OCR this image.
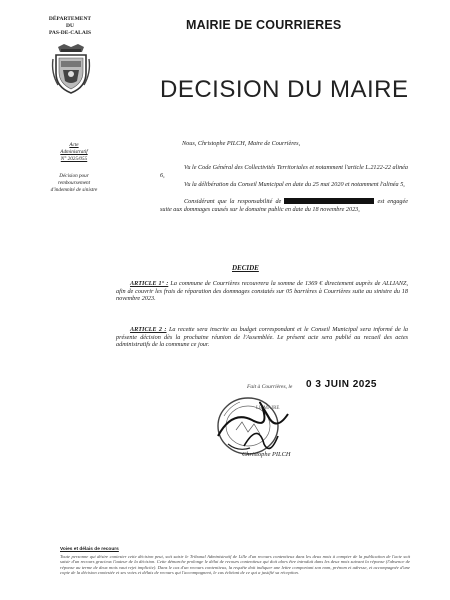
DÉPARTEMENT
DU
PAS-DE-CALAIS
MAIRIE DE COURRIERES
DECISION DU MAIRE
Acte
Administratif
N° 2025/055
Décision pour
remboursement
d'indemnité de sinistre
Nous, Christophe PILCH, Maire de Courrières,
Vu le Code Général des Collectivités Territoriales et notamment l'article L.2122-22 alinéa 6,
Vu la délibération du Conseil Municipal en date du 25 mai 2020 et notamment l'alinéa 5,
Considérant que la responsabilité de	est engagée suite aux dommages causés sur le domaine public en date du 18 novembre 2023,
DECIDE
ARTICLE 1° : La commune de Courrières recouvrera la somme de 1369 € directement auprès de ALLIANZ, afin de couvrir les frais de réparation des dommages constatés sur 05 barrières à Courrières suite au sinistre du 18 novembre 2023.
ARTICLE 2 : La recette sera inscrite au budget correspondant et le Conseil Municipal sera informé de la présente décision dès la prochaine réunion de l'Assemblée. Le présent acte sera publié au recueil des actes administratifs de la commune ce jour.
Fait à Courrières, le 0 3 JUIN 2025
LE MAIRE
Christophe PILCH
Voies et délais de recours
Toute personne qui désire contester cette décision peut, soit saisir le Tribunal Administratif de Lille d'un recours contentieux dans les deux mois à compter de la publication de l'acte soit saisir d'un recours gracieux l'auteur de la décision. Cette démarche prolonge le délai de recours contentieux qui doit alors être introduit dans les deux mois suivant la réponse (l'absence de réponse au terme de deux mois vaut rejet implicite). Dans le cas d'un recours contentieux, la requête doit indiquer une lettre comportant son nom, prénom et adresse, et accompagnée d'une copie de la décision contestée et ses voies et délais de recours qui l'accompagnent, le cas échéant de ce qui a justifié sa réception.
